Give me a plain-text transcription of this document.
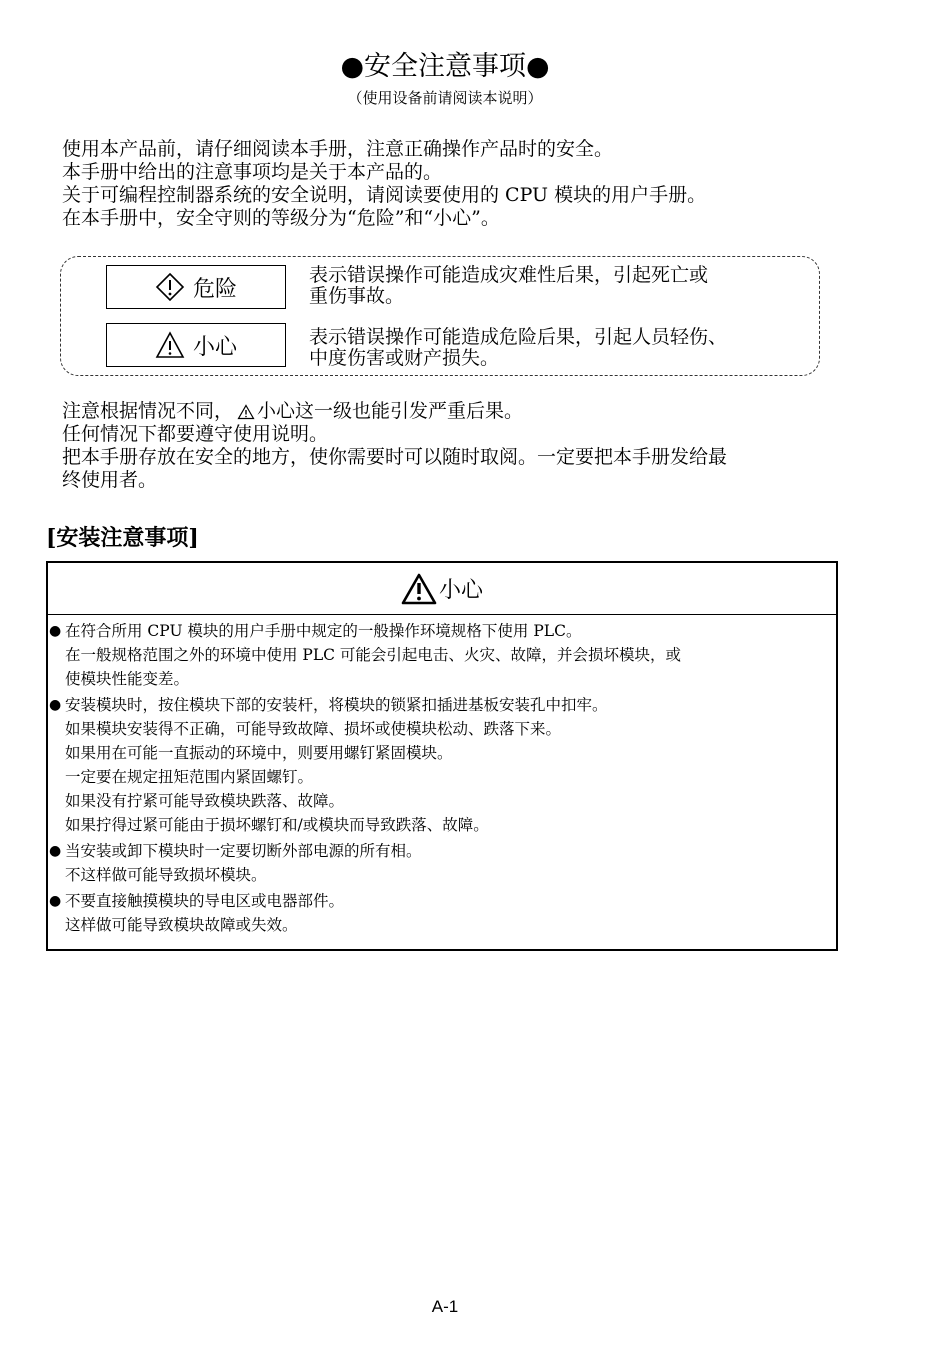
●安全注意事项●
（使用设备前请阅读本说明）
使用本产品前，请仔细阅读本手册，注意正确操作产品时的安全。
本手册中给出的注意事项均是关于本产品的。
关于可编程控制器系统的安全说明，请阅读要使用的 CPU 模块的用户手册。
在本手册中，安全守则的等级分为“危险”和“小心”。
危险
表示错误操作可能造成灾难性后果，引起死亡或
重伤事故。
小心	表示错误操作可能造成危险后果，引起人员轻伤、
中度伤害或财产损失。
注意根据情况不同， 小心这一级也能引发严重后果。
任何情况下都要遵守使用说明。
把本手册存放在安全的地方，使你需要时可以随时取阅。一定要把本手册发给最
终使用者。
[安装注意事项]
小心
● 在符合所用 CPU 模块的用户手册中规定的一般操作环境规格下使用 PLC。
在一般规格范围之外的环境中使用 PLC 可能会引起电击、火灾、故障，并会损坏模块，或
使模块性能变差。
● 安装模块时，按住模块下部的安装杆，将模块的锁紧扣插进基板安装孔中扣牢。
如果模块安装得不正确，可能导致故障、损坏或使模块松动、跌落下来。
如果用在可能一直振动的环境中，则要用螺钉紧固模块。
一定要在规定扭矩范围内紧固螺钉。
如果没有拧紧可能导致模块跌落、故障。
如果拧得过紧可能由于损坏螺钉和/或模块而导致跌落、故障。
● 当安装或卸下模块时一定要切断外部电源的所有相。
不这样做可能导致损坏模块。
● 不要直接触摸模块的导电区或电器部件。
这样做可能导致模块故障或失效。
A-1
